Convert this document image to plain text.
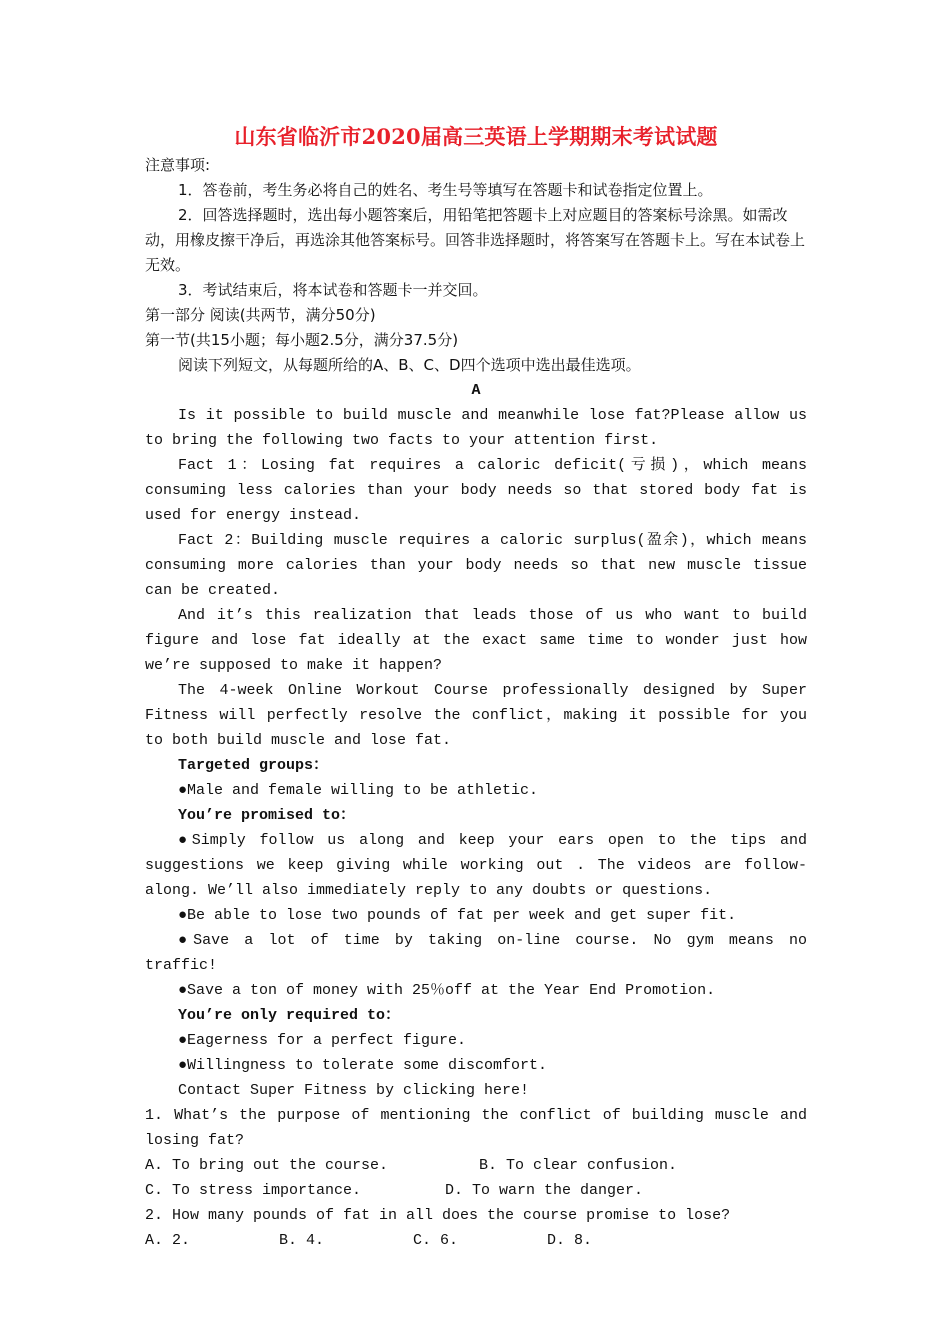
山东省临沂市2020届高三英语上学期期末考试试题

注意事项:

1．答卷前，考生务必将自己的姓名、考生号等填写在答题卡和试卷指定位置上。

2．回答选择题时，选出每小题答案后，用铅笔把答题卡上对应题目的答案标号涂黑。如需改动，用橡皮擦干净后，再选涂其他答案标号。回答非选择题时，将答案写在答题卡上。写在本试卷上无效。

3．考试结束后，将本试卷和答题卡一并交回。

第一部分 阅读(共两节，满分50分)

第一节(共15小题；每小题2.5分，满分37.5分)

阅读下列短文，从每题所给的A、B、C、D四个选项中选出最佳选项。

A

Is it possible to build muscle and meanwhile lose fat?Please allow us to bring the following two facts to your attention first.

Fact 1：Losing fat requires a caloric deficit(亏损)，which means consuming less calories than your body needs so that stored body fat is used for energy instead.

Fact 2：Building muscle requires a caloric surplus(盈余)，which means consuming more calories than your body needs so that new muscle tissue can be created.

And it’s this realization that leads those of us who want to build figure and lose fat ideally at the exact same time to wonder just how we’re supposed to make it happen?

The 4-week Online Workout Course professionally designed by Super Fitness will perfectly resolve the conflict，making it possible for you to both build muscle and lose fat.

Targeted groups：

●Male and female willing to be athletic.

You’re promised to：

●Simply follow us along and keep your ears open to the tips and suggestions we keep giving while working out . The videos are follow-along. We’ll also immediately reply to any doubts or questions.

●Be able to lose two pounds of fat per week and get super fit.

●Save a lot of time by taking on-line course. No gym means no traffic!

●Save a ton of money with 25％off at the Year End Promotion.

You’re only required to：

●Eagerness for a perfect figure.

●Willingness to tolerate some discomfort.

Contact Super Fitness by clicking here!

1. What’s the purpose of mentioning the conflict of building muscle and losing fat?

A. To bring out the course.	B. To clear confusion.
C. To stress importance.	D. To warn the danger.

2. How many pounds of fat in all does the course promise to lose?

A. 2.	B. 4.	C. 6.	D. 8.
